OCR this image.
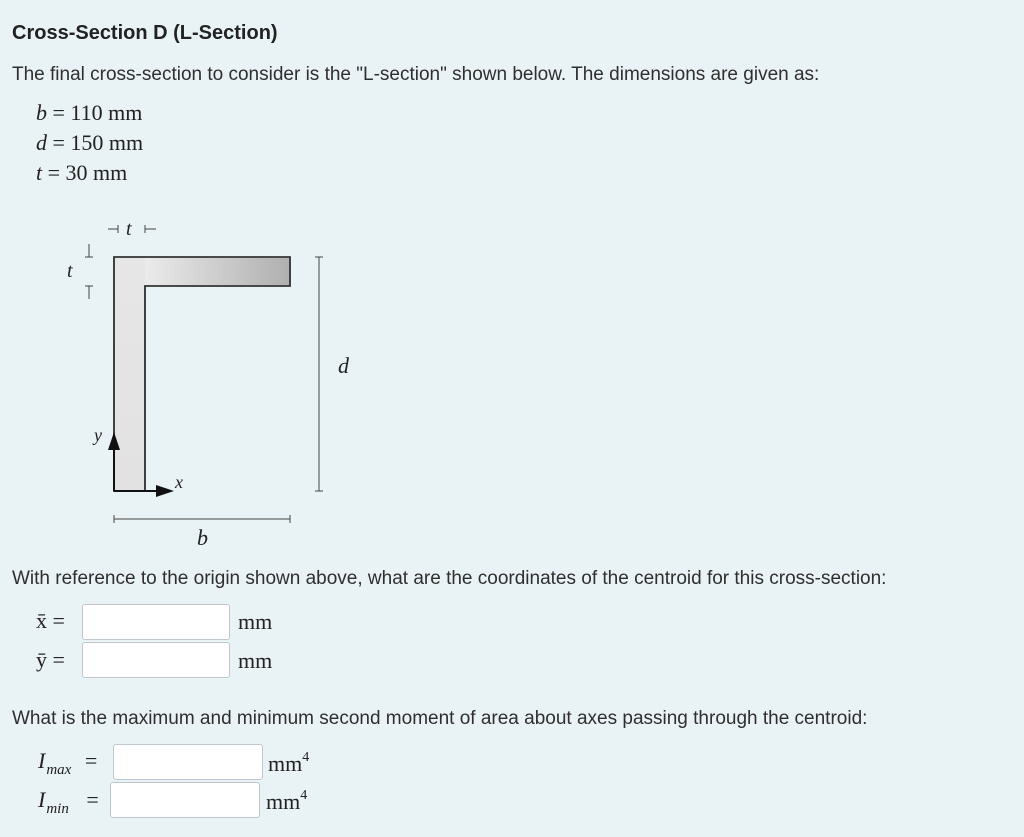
Cross-Section D (L-Section)
The final cross-section to consider is the "L-section" shown below. The dimensions are given as:
b = 110 mm
d = 150 mm
t = 30 mm
t
t
d
b
y
x
With reference to the origin shown above, what are the coordinates of the centroid for this cross-section:
x̄ =	mm
ȳ =	mm
What is the maximum and minimum second moment of area about axes passing through the centroid:
$I_{max}$ =	$mm^4$
$I_{min}$ =	$mm^4$
